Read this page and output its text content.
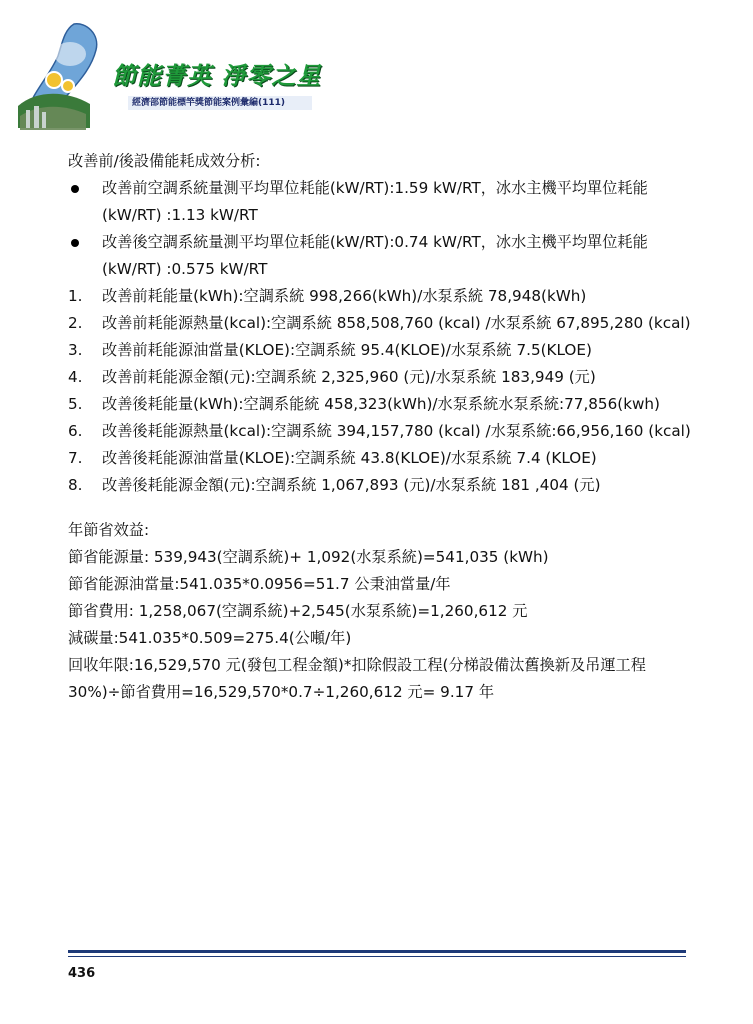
節能菁英 淨零之星
經濟部節能標竿獎節能案例彙編(111)
改善前/後設備能耗成效分析:
改善前空調系統量測平均單位耗能(kW/RT):1.59 kW/RT，冰水主機平均單位耗能
(kW/RT) :1.13 kW/RT
改善後空調系統量測平均單位耗能(kW/RT):0.74 kW/RT，冰水主機平均單位耗能
(kW/RT) :0.575 kW/RT
1. 改善前耗能量(kWh):空調系統 998,266(kWh)/水泵系統 78,948(kWh)
2. 改善前耗能源熱量(kcal):空調系統 858,508,760 (kcal) /水泵系統 67,895,280 (kcal)
3. 改善前耗能源油當量(KLOE):空調系統 95.4(KLOE)/水泵系統 7.5(KLOE)
4. 改善前耗能源金額(元):空調系統 2,325,960 (元)/水泵系統 183,949 (元)
5. 改善後耗能量(kWh):空調系能統 458,323(kWh)/水泵系統水泵系統:77,856(kwh)
6. 改善後耗能源熱量(kcal):空調系統 394,157,780 (kcal) /水泵系統:66,956,160 (kcal)
7. 改善後耗能源油當量(KLOE):空調系統 43.8(KLOE)/水泵系統 7.4 (KLOE)
8. 改善後耗能源金額(元):空調系統 1,067,893 (元)/水泵系統 181 ,404 (元)
年節省效益:
節省能源量: 539,943(空調系統)+ 1,092(水泵系統)=541,035 (kWh)
節省能源油當量:541.035*0.0956=51.7 公秉油當量/年
節省費用: 1,258,067(空調系統)+2,545(水泵系統)=1,260,612 元
減碳量:541.035*0.509=275.4(公噸/年)
回收年限:16,529,570 元(發包工程金額)*扣除假設工程(分梯設備汰舊換新及吊運工程
30%)÷節省費用=16,529,570*0.7÷1,260,612 元= 9.17 年
436
